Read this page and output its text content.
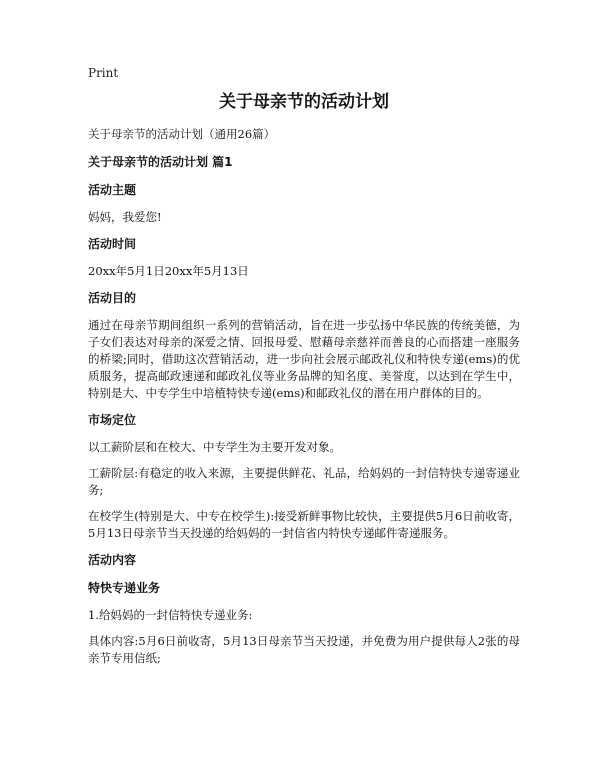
Print
关于母亲节的活动计划
关于母亲节的活动计划（通用26篇）
关于母亲节的活动计划 篇1
活动主题
妈妈，我爱您!
活动时间
20xx年5月1日20xx年5月13日
活动目的
通过在母亲节期间组织一系列的营销活动，旨在进一步弘扬中华民族的传统美德，为子女们表达对母亲的深爱之情、回报母爱、慰藉母亲慈祥而善良的心而搭建一座服务的桥梁;同时，借助这次营销活动，进一步向社会展示邮政礼仪和特快专递(ems)的优质服务，提高邮政速递和邮政礼仪等业务品牌的知名度、美誉度，以达到在学生中，特别是大、中专学生中培植特快专递(ems)和邮政礼仪的潜在用户群体的目的。
市场定位
以工薪阶层和在校大、中专学生为主要开发对象。
工薪阶层:有稳定的收入来源，主要提供鲜花、礼品，给妈妈的一封信特快专递寄递业务;
在校学生(特别是大、中专在校学生):接受新鲜事物比较快，主要提供5月6日前收寄，5月13日母亲节当天投递的给妈妈的一封信省内特快专递邮件寄递服务。
活动内容
特快专递业务
1.给妈妈的一封信特快专递业务:
具体内容:5月6日前收寄，5月13日母亲节当天投递，并免费为用户提供每人2张的母亲节专用信纸;
